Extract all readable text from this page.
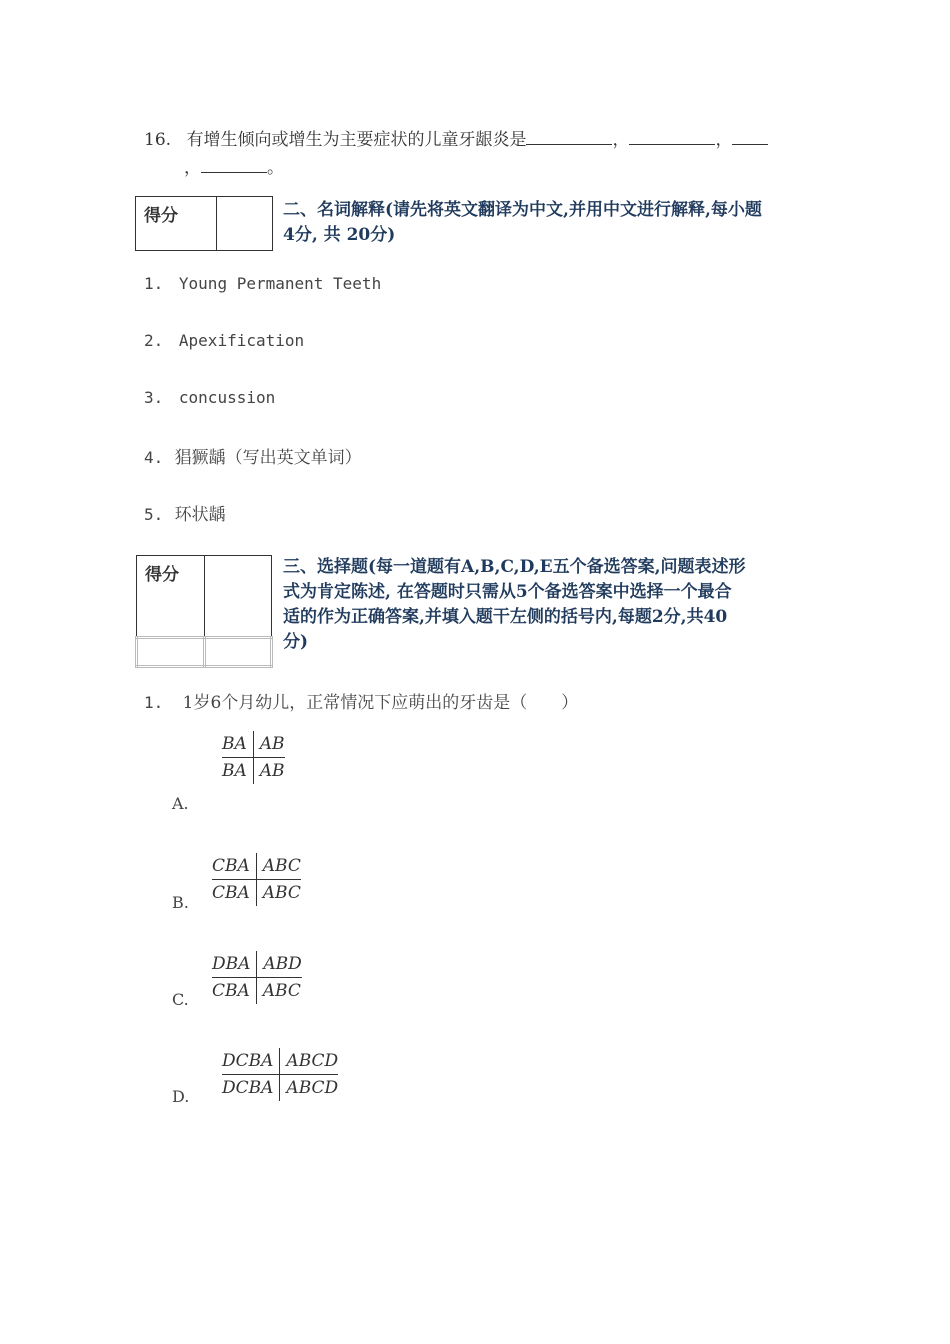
16. 有增生倾向或增生为主要症状的儿童牙龈炎是	，	，
，	。
得分		二、名词解释(请先将英文翻译为中文,并用中文进行解释,每小题
4分, 共 20分)
1. Young Permanent Teeth
2. Apexification
3. concussion
4. 猖獗龋（写出英文单词）
5. 环状龋
得分	
		三、选择题(每一道题有A,B,C,D,E五个备选答案,问题表述形
式为肯定陈述, 在答题时只需从5个备选答案中选择一个最合
适的作为正确答案,并填入题干左侧的括号内,每题2分,共40
分)
1. 1岁6个月幼儿，正常情况下应萌出的牙齿是（　　）
BA AB
BA AB
A.
CBA ABC
CBA ABC
B.
DBA ABD
CBA ABC
C.
DCBA ABCD
DCBA ABCD
D.
